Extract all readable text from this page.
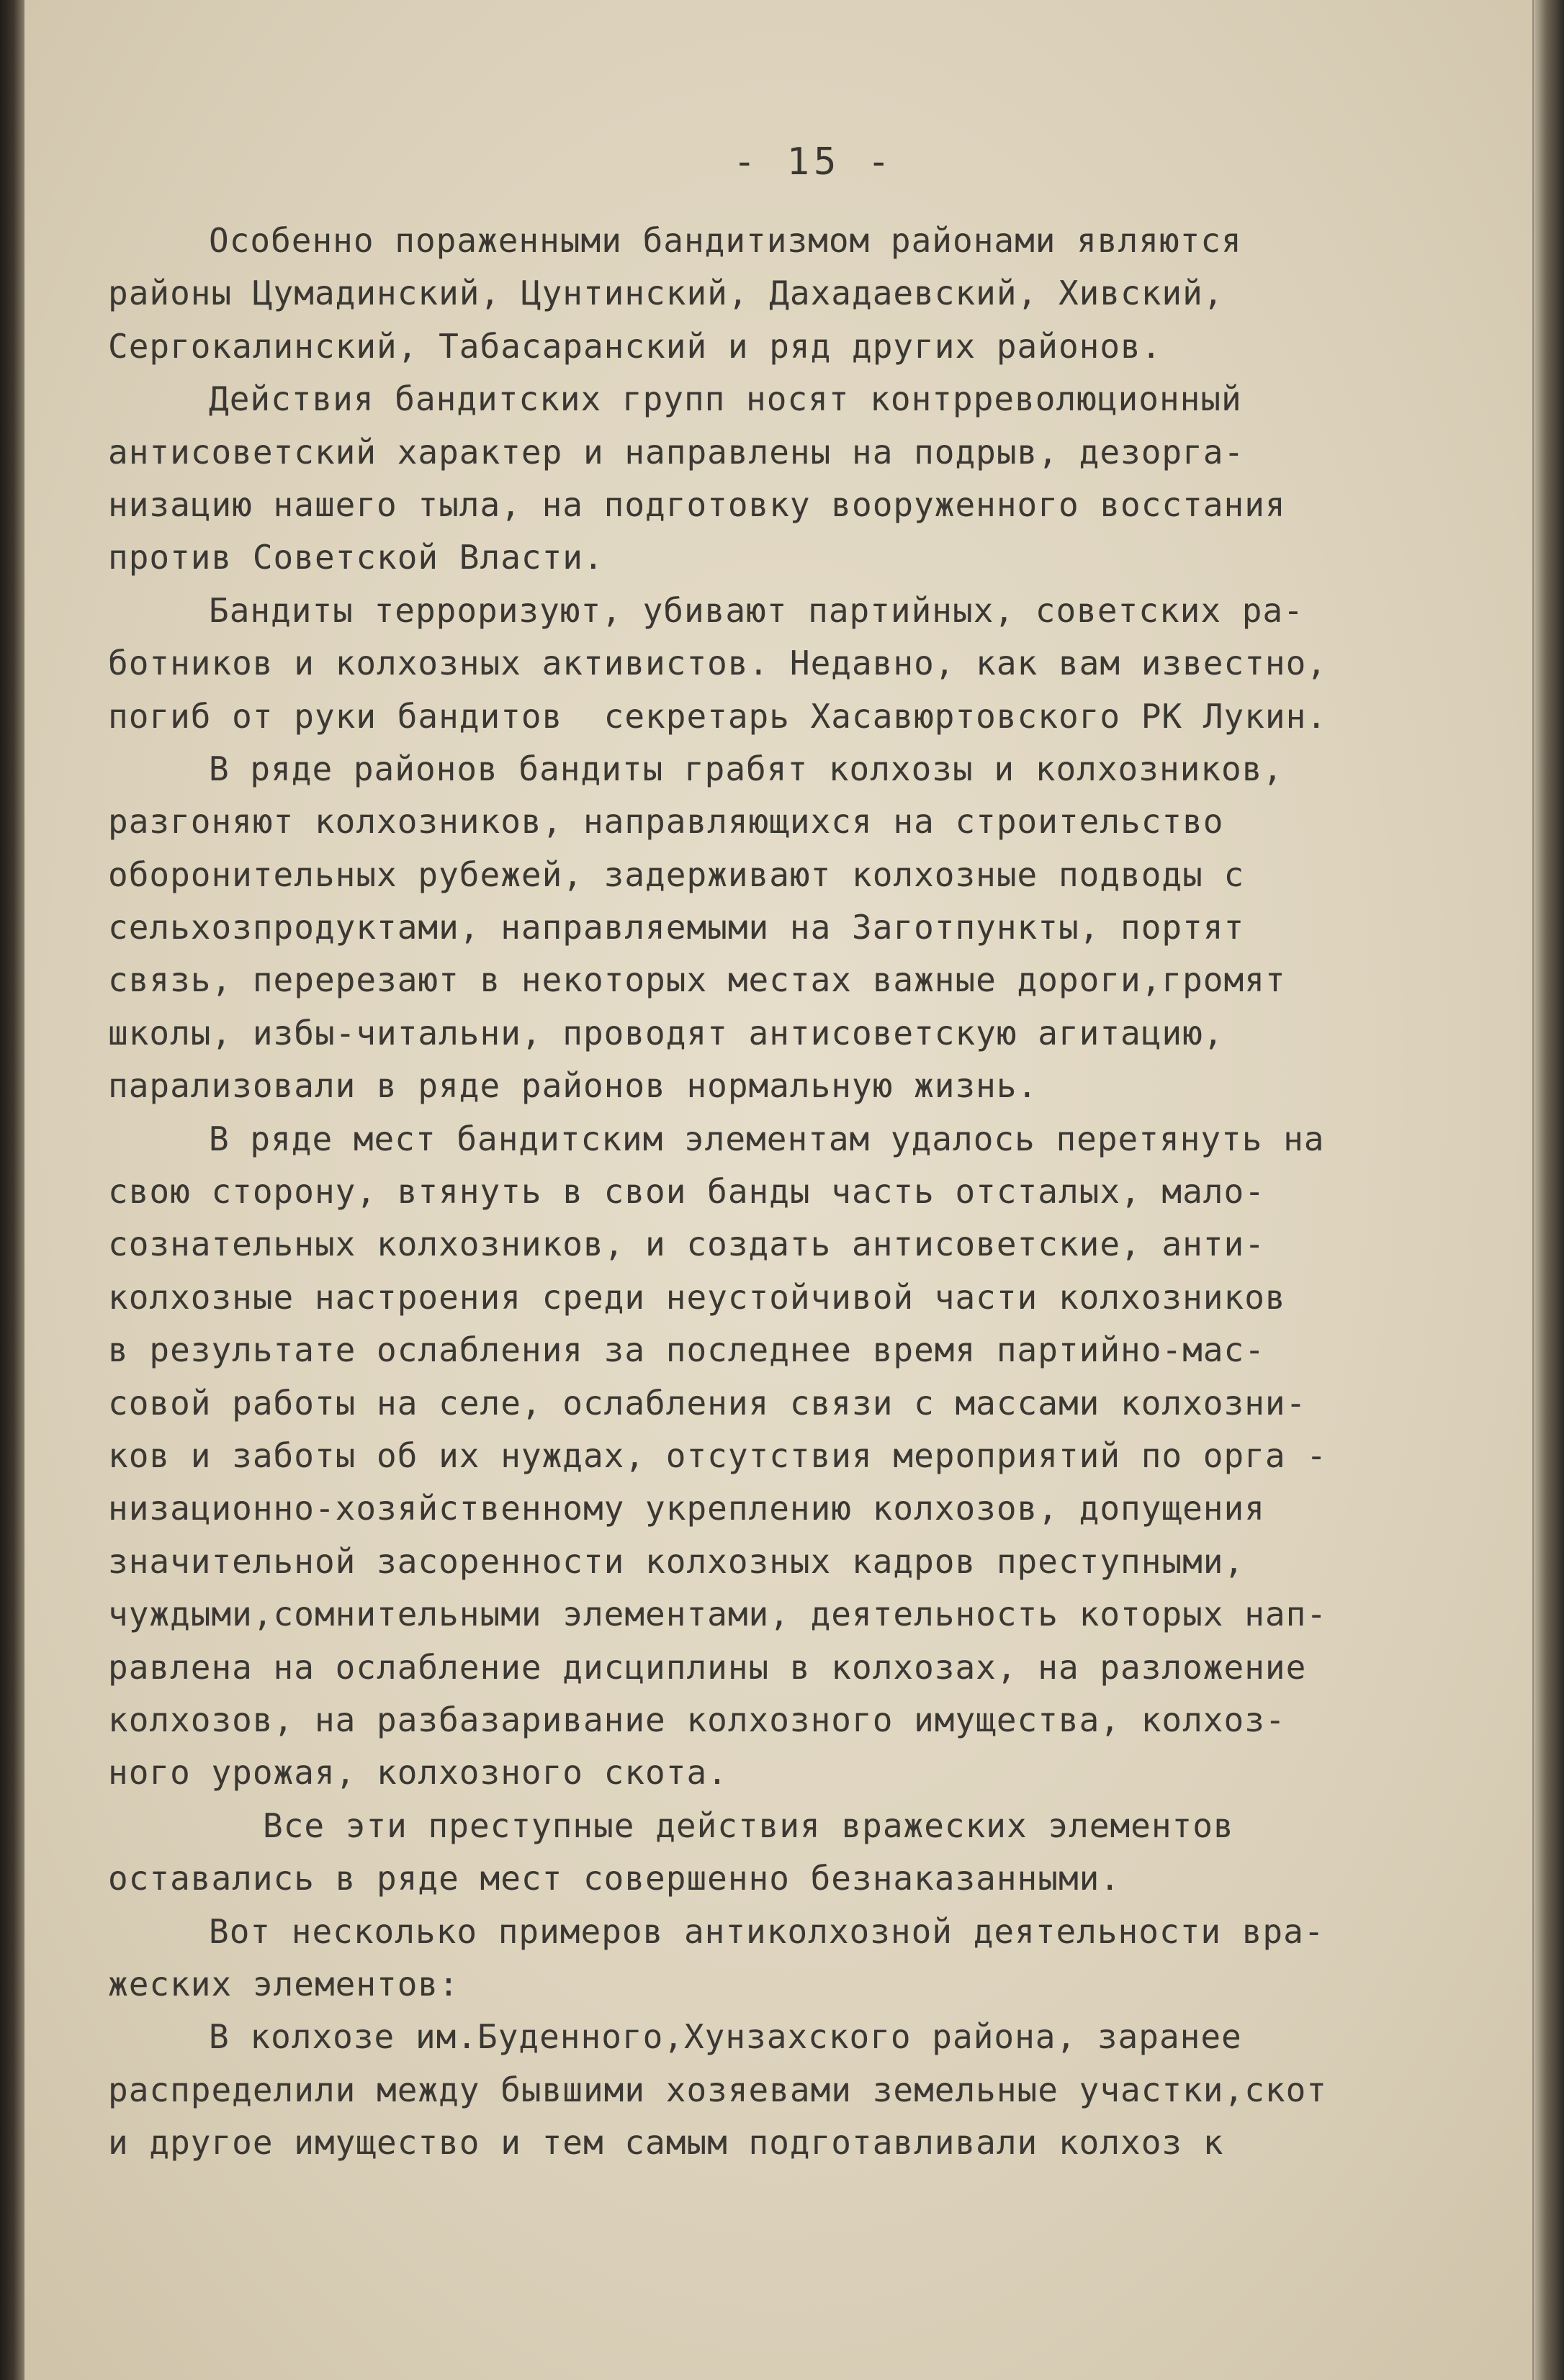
- 15 -
Особенно пораженными бандитизмом районами являются
районы Цумадинский, Цунтинский, Дахадаевский, Хивский,
Сергокалинский, Табасаранский и ряд других районов.
Действия бандитских групп носят контрреволюционный
антисоветский характер и направлены на подрыв, дезорга-
низацию нашего тыла, на подготовку вооруженного восстания
против Советской Власти.
Бандиты терроризуют, убивают партийных, советских ра-
ботников и колхозных активистов. Недавно, как вам известно,
погиб от руки бандитов  секретарь Хасавюртовского РК Лукин.
В ряде районов бандиты грабят колхозы и колхозников,
разгоняют колхозников, направляющихся на строительство
оборонительных рубежей, задерживают колхозные подводы с
сельхозпродуктами, направляемыми на Заготпункты, портят
связь, перерезают в некоторых местах важные дороги,громят
школы, избы-читальни, проводят антисоветскую агитацию,
парализовали в ряде районов нормальную жизнь.
В ряде мест бандитским элементам удалось перетянуть на
свою сторону, втянуть в свои банды часть отсталых, мало-
сознательных колхозников, и создать антисоветские, анти-
колхозные настроения среди неустойчивой части колхозников
в результате ослабления за последнее время партийно-мас-
совой работы на селе, ослабления связи с массами колхозни-
ков и заботы об их нуждах, отсутствия мероприятий по орга -
низационно-хозяйственному укреплению колхозов, допущения
значительной засоренности колхозных кадров преступными,
чуждыми,сомнительными элементами, деятельность которых нап-
равлена на ослабление дисциплины в колхозах, на разложение
колхозов, на разбазаривание колхозного имущества, колхоз-
ного урожая, колхозного скота.
Все эти преступные действия вражеских элементов
оставались в ряде мест совершенно безнаказанными.
Вот несколько примеров антиколхозной деятельности вра-
жеских элементов:
В колхозе им.Буденного,Хунзахского района, заранее
распределили между бывшими хозяевами земельные участки,скот
и другое имущество и тем самым подготавливали колхоз к
